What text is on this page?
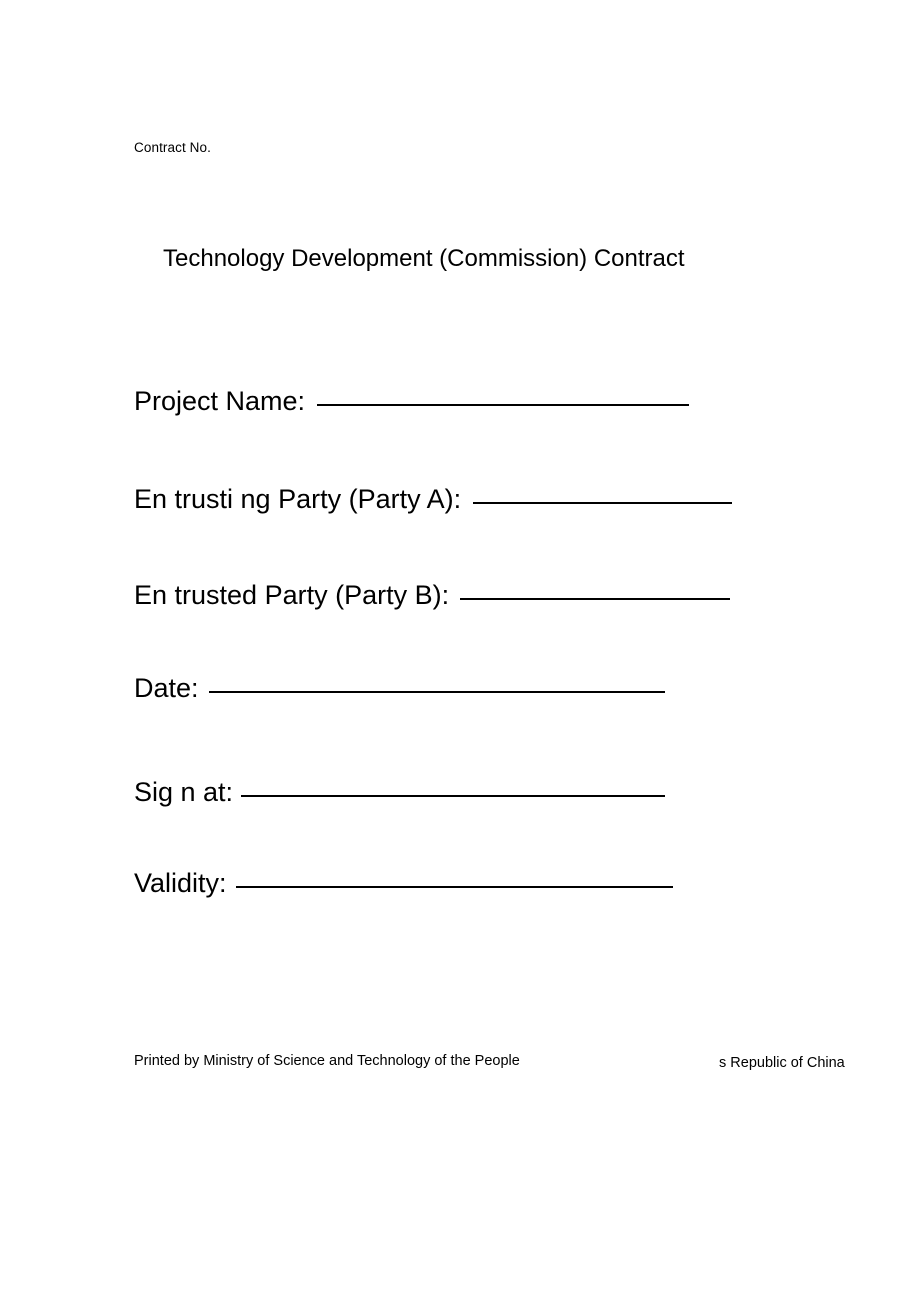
Contract No.
Technology Development (Commission) Contract
Project Name:
En trusti ng Party (Party A):
En trusted Party (Party B):
Date:
Sig n at:
Validity:
Printed by Ministry of Science and Technology of the People	s Republic of China
